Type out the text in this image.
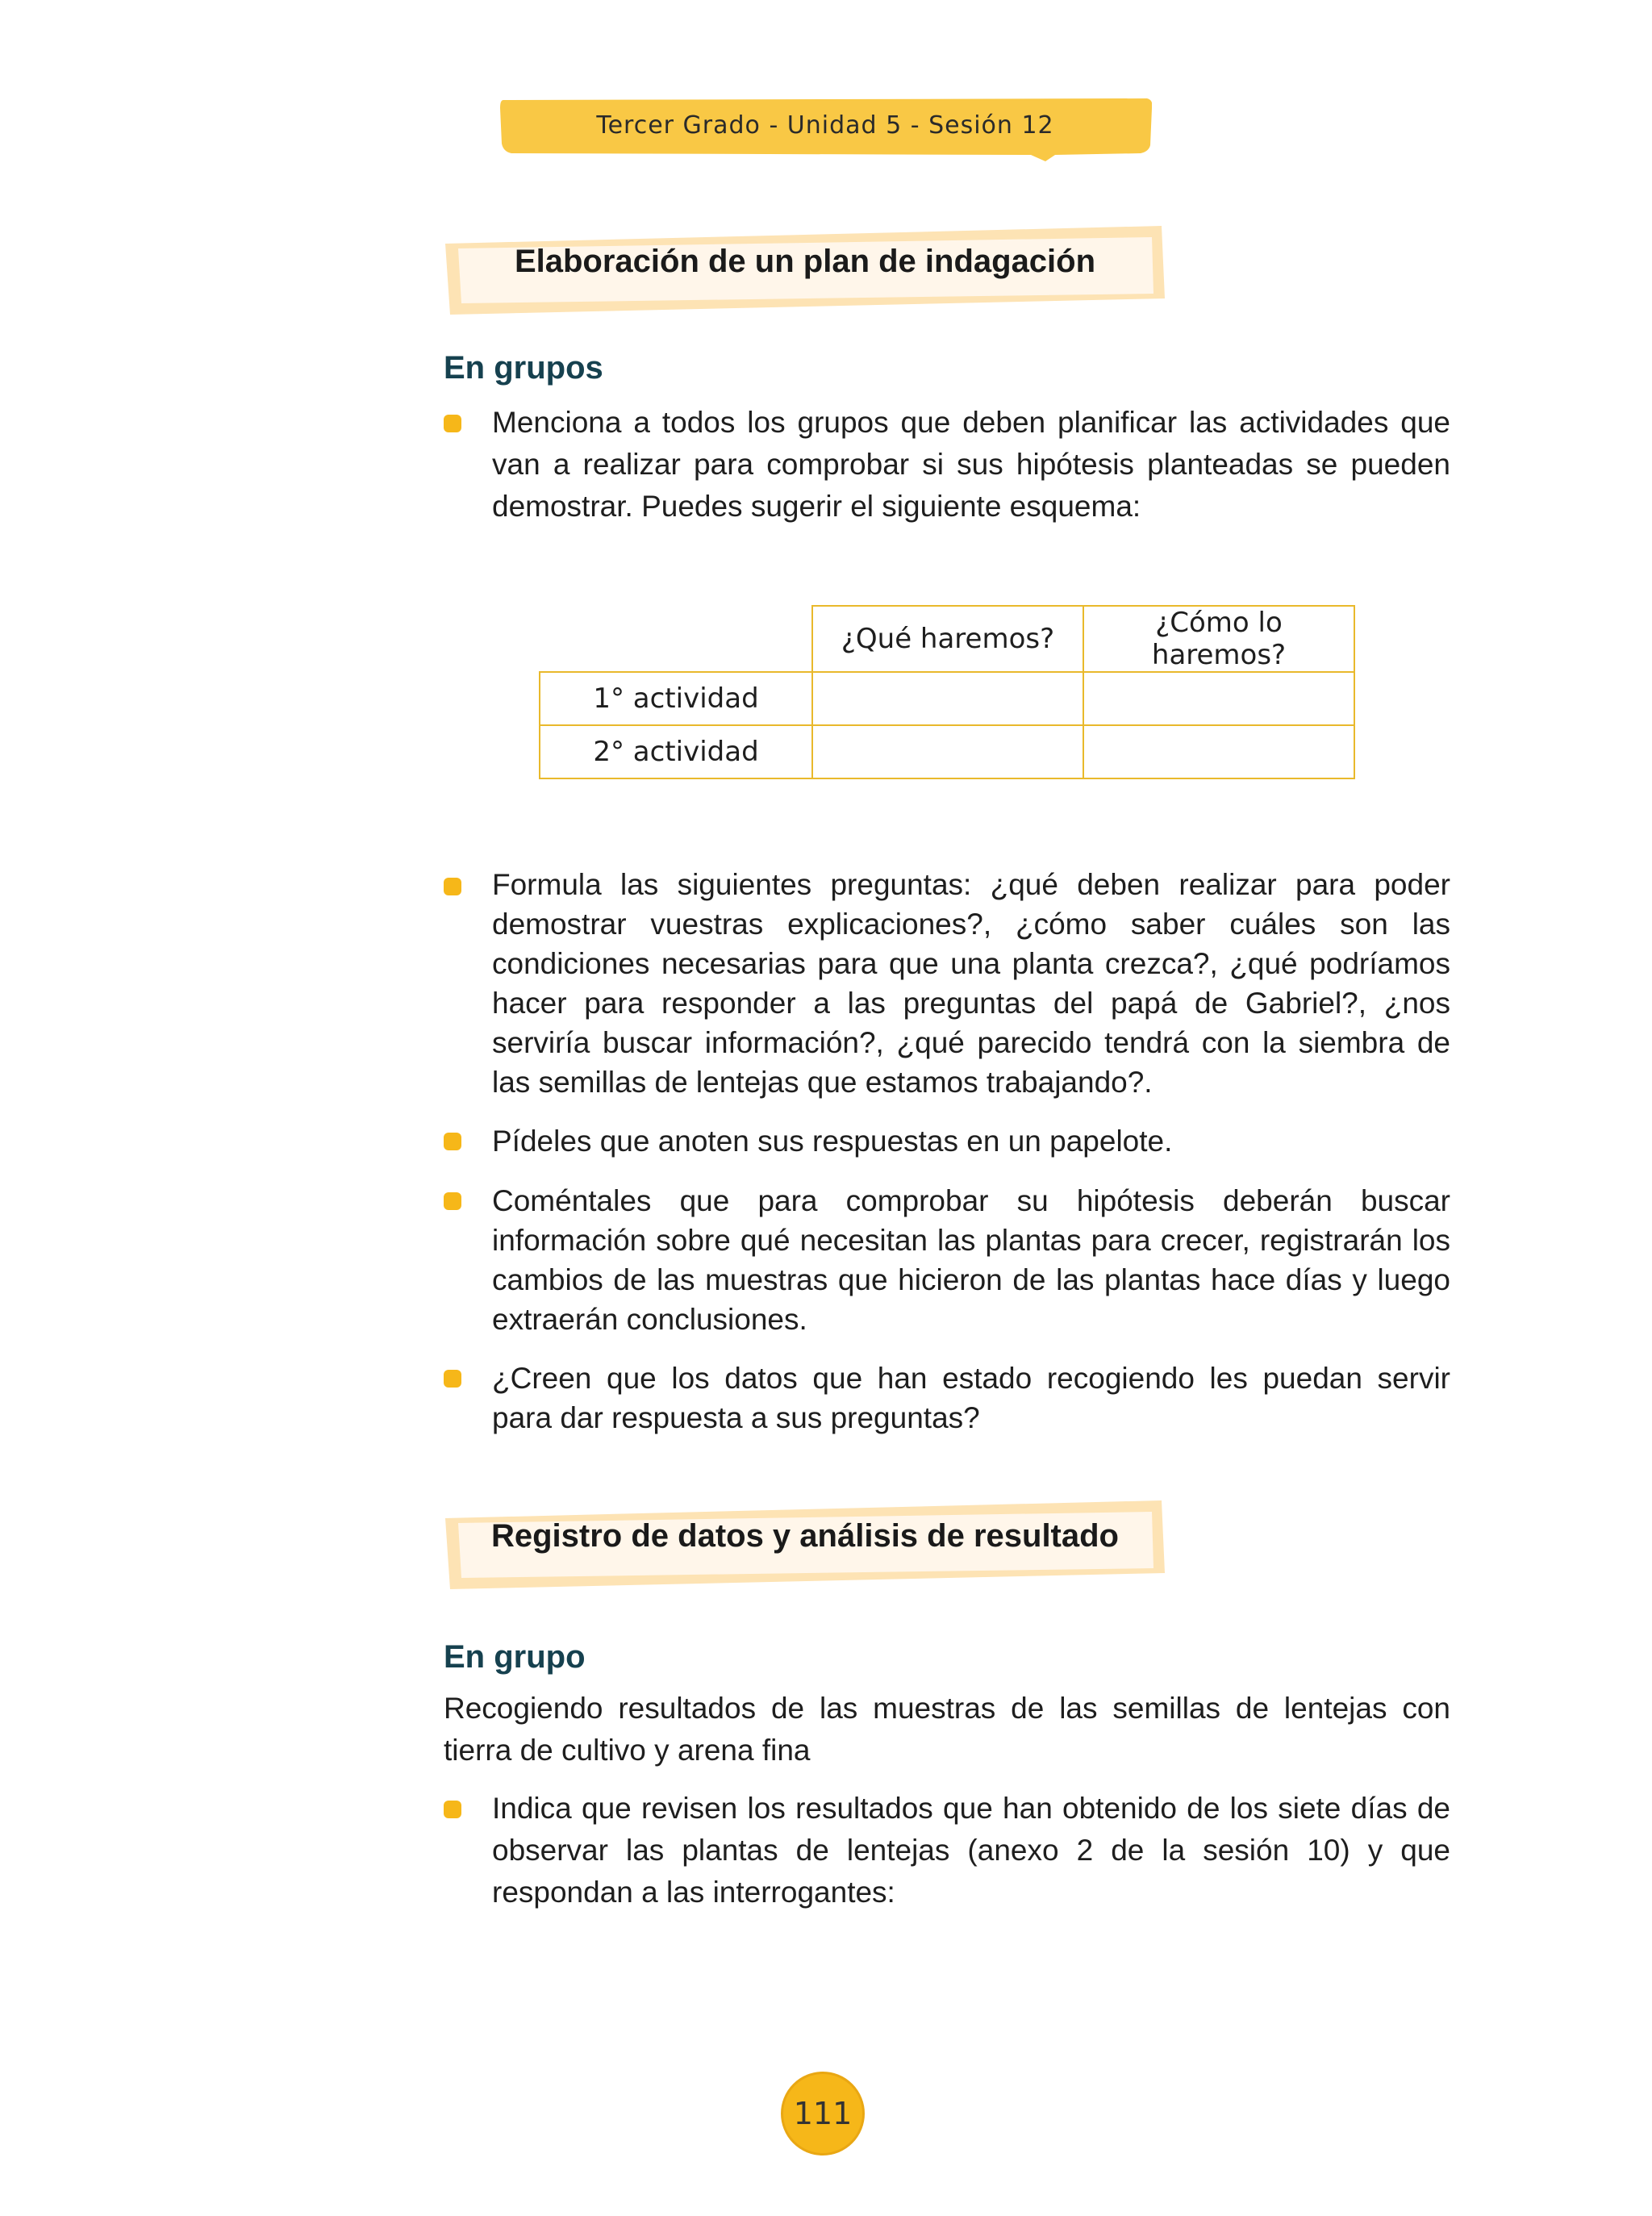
Tercer Grado - Unidad 5 - Sesión 12
Elaboración de un plan de indagación
En grupos
Menciona a todos los grupos que deben planificar las actividades que van a realizar para comprobar si sus hipótesis planteadas se pueden demostrar. Puedes sugerir el siguiente esquema:
	¿Qué haremos?	¿Cómo lo haremos?
1° actividad		
2° actividad		
Formula las siguientes preguntas: ¿qué deben realizar para poder demostrar vuestras explicaciones?, ¿cómo saber cuáles son las condiciones necesarias para que una planta crezca?, ¿qué podríamos hacer para responder a las preguntas del papá de Gabriel?, ¿nos serviría buscar información?, ¿qué parecido tendrá con la siembra de las semillas de lentejas que estamos trabajando?.
Pídeles que anoten sus respuestas en un papelote.
Coméntales que para comprobar su hipótesis deberán buscar información sobre qué necesitan las plantas para crecer, registrarán los cambios de las muestras que hicieron de las plantas hace días y luego extraerán conclusiones.
¿Creen que los datos que han estado recogiendo les puedan servir para dar respuesta a sus preguntas?
Registro de datos y análisis de resultado
En grupo
Recogiendo resultados de las muestras de las semillas de lentejas con tierra de cultivo y arena fina
Indica que revisen los resultados que han obtenido de los siete días de observar las plantas de lentejas (anexo 2 de la sesión 10) y que respondan a las interrogantes:
111
